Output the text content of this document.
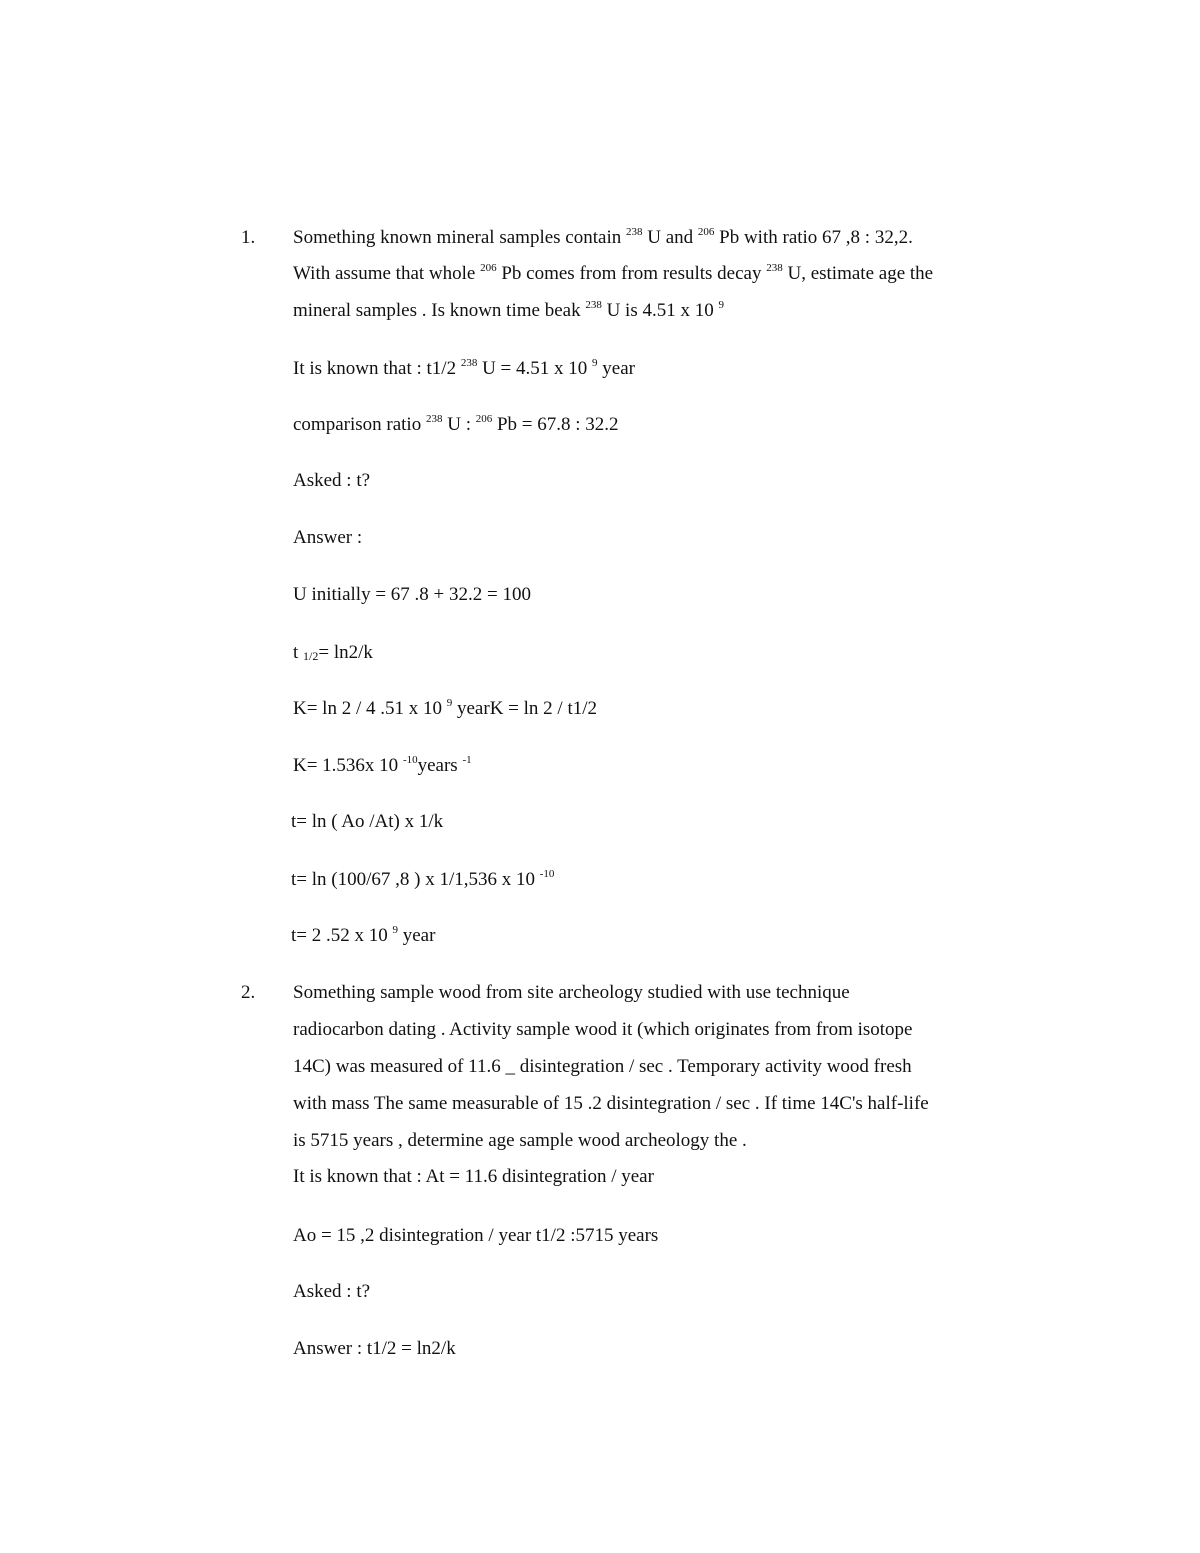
1. Something known mineral samples contain $^{238}$ U and $^{206}$ Pb with ratio 67 ,8 : 32,2.
With assume that whole $^{206}$ Pb comes from from results decay $^{238}$ U, estimate age the
mineral samples . Is known time beak $^{238}$ U is 4.51 x 10 $^9$
It is known that : t1/2 $^{238}$ U = 4.51 x 10 $^9$ year
comparison ratio $^{238}$ U : $^{206}$ Pb = 67.8 : 32.2
Asked : t?
Answer :
U initially = 67 .8 + 32.2 = 100
t $_{1/2}$= ln2/k
K= ln 2 / 4 .51 x 10 $^9$ yearK = ln 2 / t1/2
K= 1.536x 10 $^{-10}$years $^{-1}$
t= ln ( Ao /At) x 1/k
t= ln (100/67 ,8 ) x 1/1,536 x 10 $^{-10}$
t= 2 .52 x 10 $^9$ year
2. Something sample wood from site archeology studied with use technique
radiocarbon dating . Activity sample wood it (which originates from from isotope
14C) was measured of 11.6 _ disintegration / sec . Temporary activity wood fresh
with mass The same measurable of 15 .2 disintegration / sec . If time 14C's half-life
is 5715 years , determine age sample wood archeology the .
It is known that : At = 11.6 disintegration / year
Ao = 15 ,2 disintegration / year t1/2 :5715 years
Asked : t?
Answer : t1/2 = ln2/k
